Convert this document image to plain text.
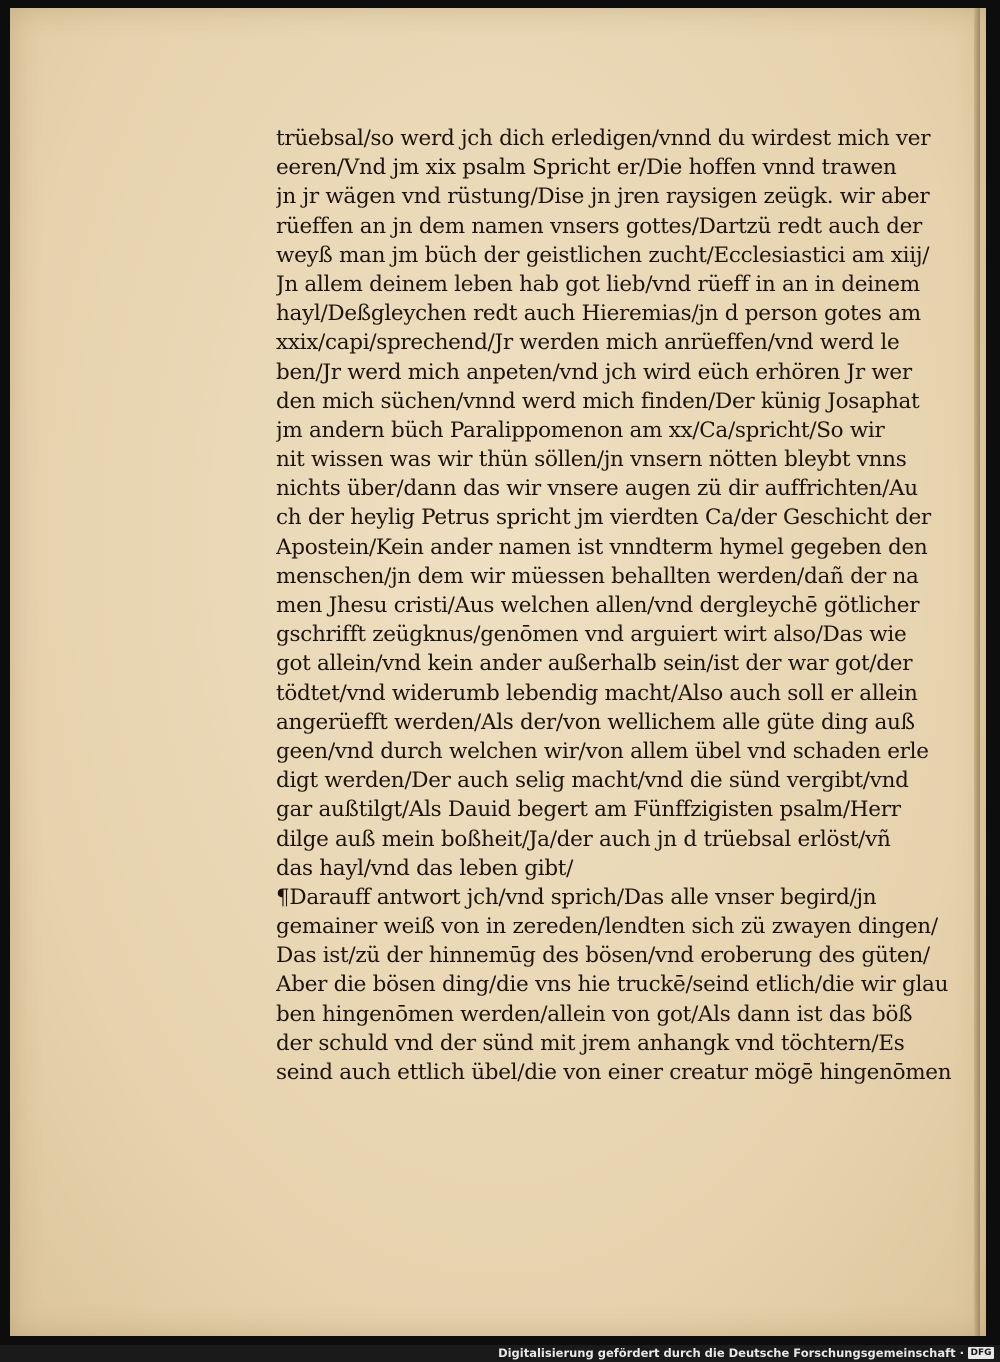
trüebsal/so werd jch dich erledigen/vnnd du wirdest mich ver
eeren/Vnd jm xix psalm Spricht er/Die hoffen vnnd trawen
jn jr wägen vnd rüstung/Dise jn jren raysigen zeügk. wir aber
rüeffen an jn dem namen vnsers gottes/Dartzü redt auch der
weyß man jm büch der geistlichen zucht/Ecclesiastici am xiij/
Jn allem deinem leben hab got lieb/vnd rüeff in an in deinem
hayl/Deßgleychen redt auch Hieremias/jn d person gotes am
xxix/capi/sprechend/Jr werden mich anrüeffen/vnd werd le
ben/Jr werd mich anpeten/vnd jch wird eüch erhören Jr wer
den mich süchen/vnnd werd mich finden/Der künig Josaphat
jm andern büch Paralippomenon am xx/Ca/spricht/So wir
nit wissen was wir thün söllen/jn vnsern nötten bleybt vnns
nichts über/dann das wir vnsere augen zü dir auffrichten/Au
ch der heylig Petrus spricht jm vierdten Ca/der Geschicht der
Apostein/Kein ander namen ist vnndterm hymel gegeben den
menschen/jn dem wir müessen behallten werden/dañ der na
men Jhesu cristi/Aus welchen allen/vnd dergleychē götlicher
gschrifft zeügknus/genōmen vnd arguiert wirt also/Das wie
got allein/vnd kein ander außerhalb sein/ist der war got/der
tödtet/vnd widerumb lebendig macht/Also auch soll er allein
angerüefft werden/Als der/von wellichem alle güte ding auß
geen/vnd durch welchen wir/von allem übel vnd schaden erle
digt werden/Der auch selig macht/vnd die sünd vergibt/vnd
gar außtilgt/Als Dauid begert am Fünffzigisten psalm/Herr
dilge auß mein boßheit/Ja/der auch jn d trüebsal erlöst/vñ
das hayl/vnd das leben gibt/
¶Darauff antwort jch/vnd sprich/Das alle vnser begird/jn
gemainer weiß von in zereden/lendten sich zü zwayen dingen/
Das ist/zü der hinnemūg des bösen/vnd eroberung des güten/
Aber die bösen ding/die vns hie truckē/seind etlich/die wir glau
ben hingenōmen werden/allein von got/Als dann ist das böß
der schuld vnd der sünd mit jrem anhangk vnd töchtern/Es
seind auch ettlich übel/die von einer creatur mögē hingenōmen
Digitalisierung gefördert durch die Deutsche Forschungsgemeinschaft · DFG
